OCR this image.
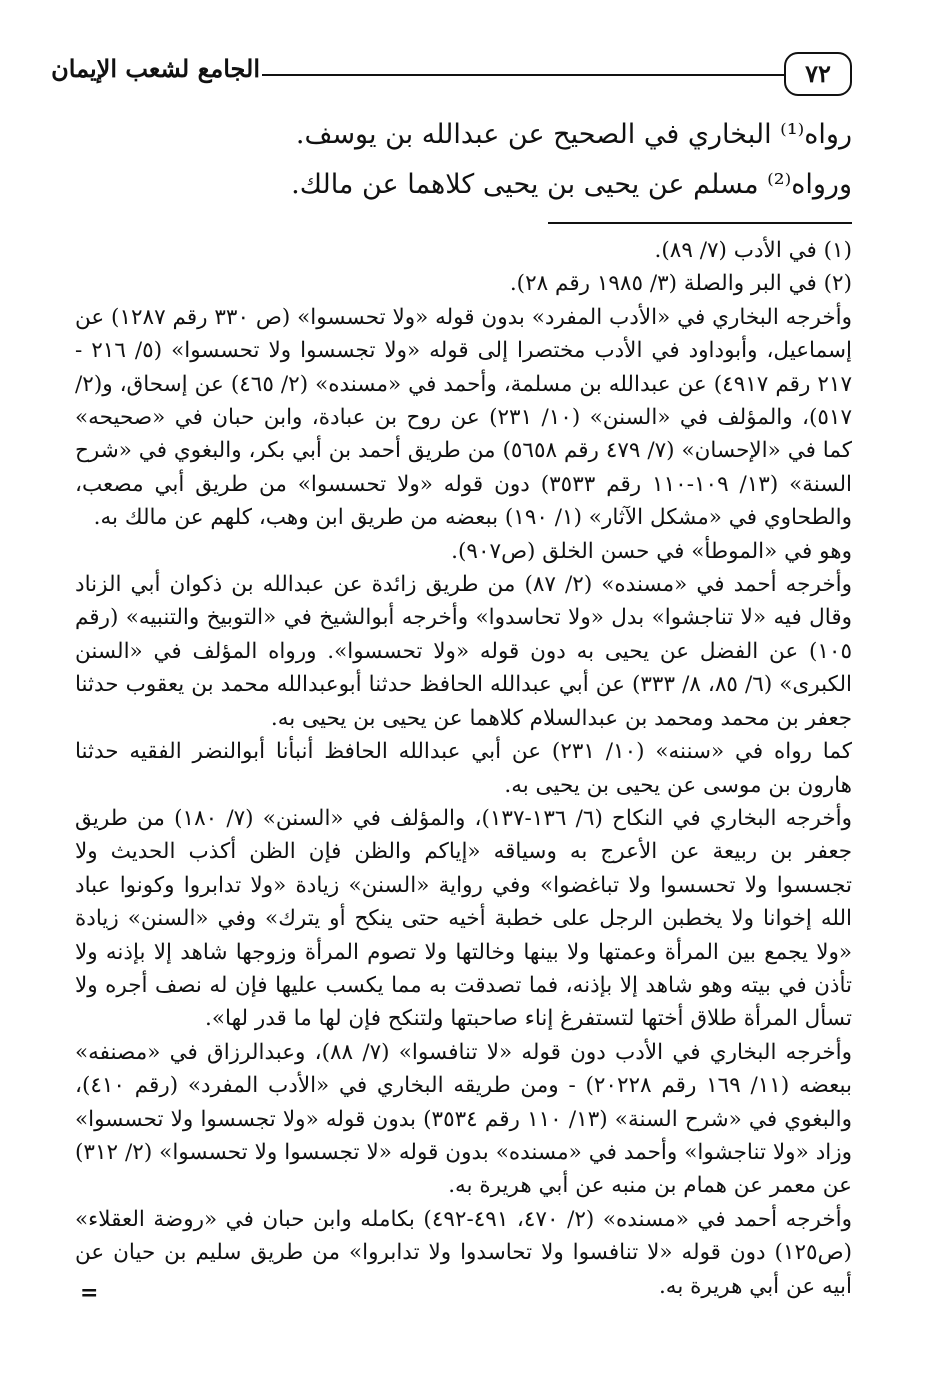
٧٢
الجامع لشعب الإيمان

رواه⁽¹⁾ البخاري في الصحيح عن عبدالله بن يوسف.

ورواه⁽²⁾ مسلم عن يحيى بن يحيى كلاهما عن مالك.

(١) في الأدب (٧/ ٨٩).

(٢) في البر والصلة (٣/ ١٩٨٥ رقم ٢٨).

وأخرجه البخاري في «الأدب المفرد» بدون قوله «ولا تحسسوا» (ص ٣٣٠ رقم ١٢٨٧) عن إسماعيل، وأبوداود في الأدب مختصرا إلى قوله «ولا تجسسوا ولا تحسسوا» (٥/ ٢١٦ - ٢١٧ رقم ٤٩١٧) عن عبدالله بن مسلمة، وأحمد في «مسنده» (٢/ ٤٦٥) عن إسحاق، و(٢/ ٥١٧)، والمؤلف في «السنن» (١٠/ ٢٣١) عن روح بن عبادة، وابن حبان في «صحيحه» كما في «الإحسان» (٧/ ٤٧٩ رقم ٥٦٥٨) من طريق أحمد بن أبي بكر، والبغوي في «شرح السنة» (١٣/ ١٠٩-١١٠ رقم ٣٥٣٣) دون قوله «ولا تحسسوا» من طريق أبي مصعب، والطحاوي في «مشكل الآثار» (١/ ١٩٠) ببعضه من طريق ابن وهب، كلهم عن مالك به.

وهو في «الموطأ» في حسن الخلق (ص٩٠٧).

وأخرجه أحمد في «مسنده» (٢/ ٨٧) من طريق زائدة عن عبدالله بن ذكوان أبي الزناد وقال فيه «لا تناجشوا» بدل «ولا تحاسدوا» وأخرجه أبوالشيخ في «التوبيخ والتنبيه» (رقم ١٠٥) عن الفضل عن يحيى به دون قوله «ولا تحسسوا». ورواه المؤلف في «السنن الكبرى» (٦/ ٨٥، ٨/ ٣٣٣) عن أبي عبدالله الحافظ حدثنا أبوعبدالله محمد بن يعقوب حدثنا جعفر بن محمد ومحمد بن عبدالسلام كلاهما عن يحيى بن يحيى به.

كما رواه في «سننه» (١٠/ ٢٣١) عن أبي عبدالله الحافظ أنبأنا أبوالنضر الفقيه حدثنا هارون بن موسى عن يحيى بن يحيى به.

وأخرجه البخاري في النكاح (٦/ ١٣٦-١٣٧)، والمؤلف في «السنن» (٧/ ١٨٠) من طريق جعفر بن ربيعة عن الأعرج به وسياقه «إياكم والظن فإن الظن أكذب الحديث ولا تجسسوا ولا تحسسوا ولا تباغضوا» وفي رواية «السنن» زيادة «ولا تدابروا وكونوا عباد الله إخوانا ولا يخطبن الرجل على خطبة أخيه حتى ينكح أو يترك» وفي «السنن» زيادة «ولا يجمع بين المرأة وعمتها ولا بينها وخالتها ولا تصوم المرأة وزوجها شاهد إلا بإذنه ولا تأذن في بيته وهو شاهد إلا بإذنه، فما تصدقت به مما يكسب عليها فإن له نصف أجره ولا تسأل المرأة طلاق أختها لتستفرغ إناء صاحبتها ولتنكح فإن لها ما قدر لها».

وأخرجه البخاري في الأدب دون قوله «لا تنافسوا» (٧/ ٨٨)، وعبدالرزاق في «مصنفه» ببعضه (١١/ ١٦٩ رقم ٢٠٢٢٨) - ومن طريقه البخاري في «الأدب المفرد» (رقم ٤١٠)، والبغوي في «شرح السنة» (١٣/ ١١٠ رقم ٣٥٣٤) بدون قوله «ولا تجسسوا ولا تحسسوا» وزاد «ولا تناجشوا» وأحمد في «مسنده» بدون قوله «لا تجسسوا ولا تحسسوا» (٢/ ٣١٢) عن معمر عن همام بن منبه عن أبي هريرة به.

وأخرجه أحمد في «مسنده» (٢/ ٤٧٠، ٤٩١-٤٩٢) بكامله وابن حبان في «روضة العقلاء» (ص١٢٥) دون قوله «لا تنافسوا ولا تحاسدوا ولا تدابروا» من طريق سليم بن حيان عن أبيه عن أبي هريرة به.

=
